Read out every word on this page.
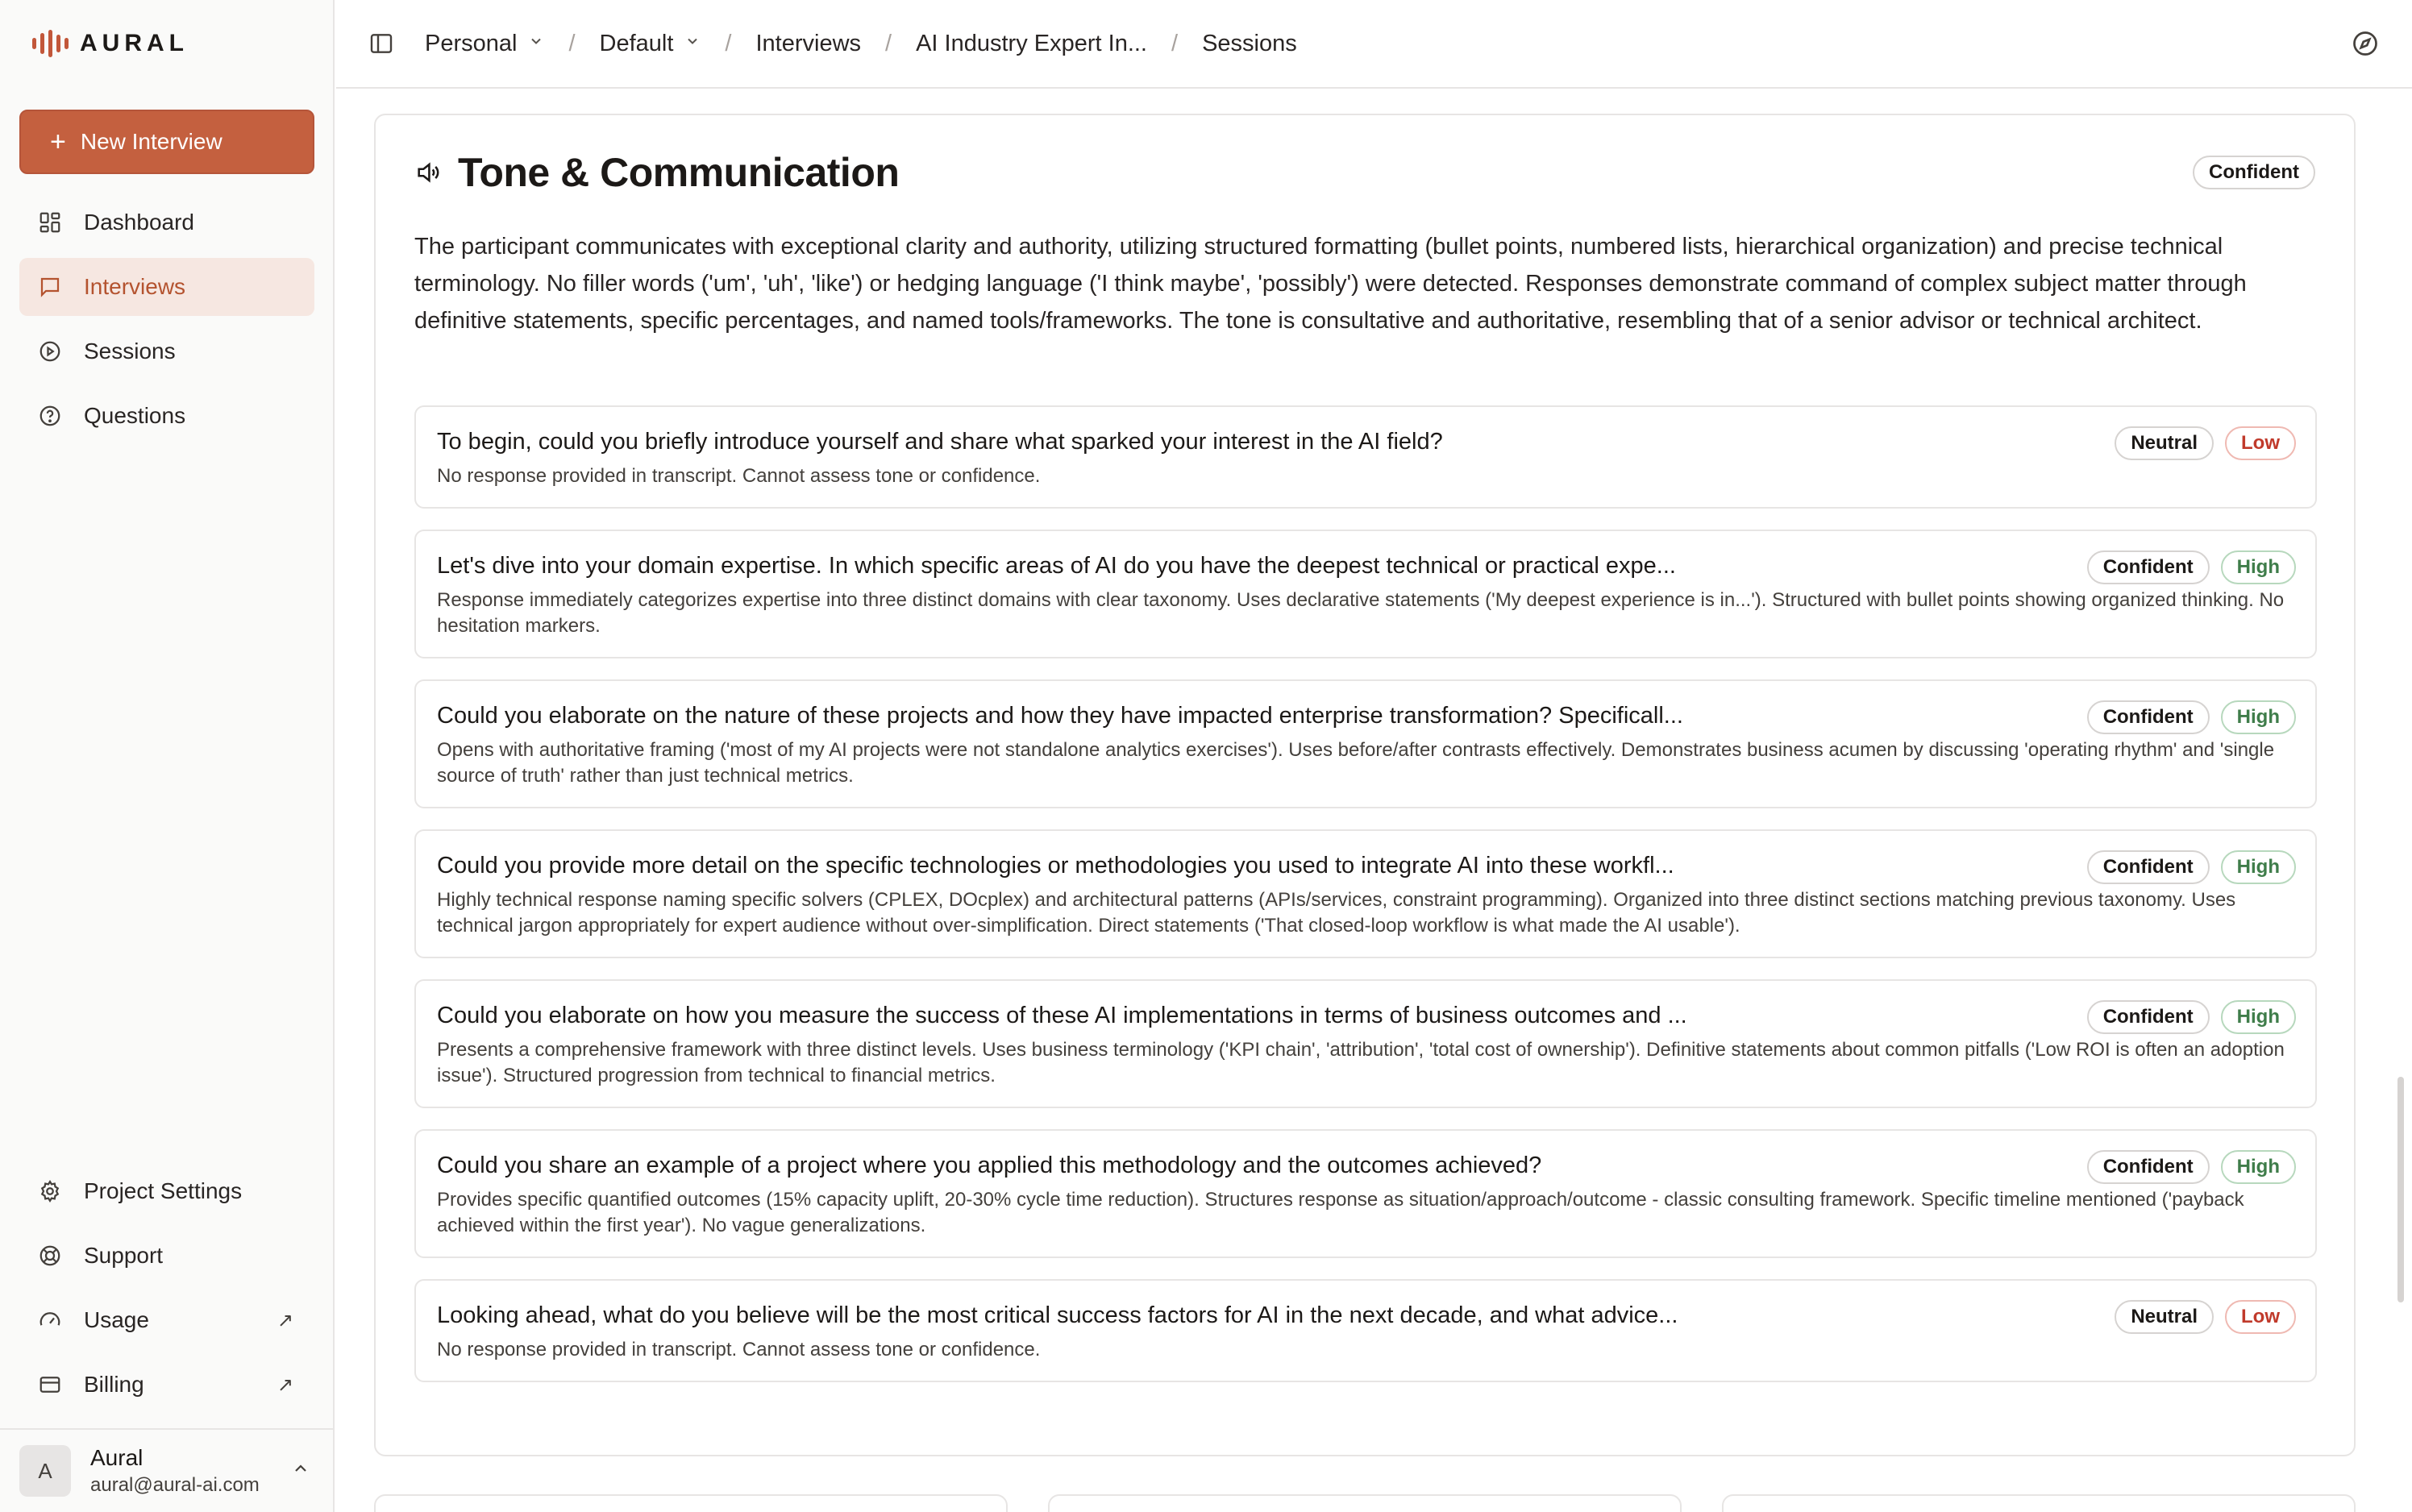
AURAL
+ New Interview
Dashboard
Interviews
Sessions
Questions
Project Settings
Support
Usage	↗
Billing	↗
A
Aural
aural@aural-ai.com
Personal / Default / Interviews / AI Industry Expert In... / Sessions
Tone & Communication	Confident

The participant communicates with exceptional clarity and authority, utilizing structured formatting (bullet points, numbered lists, hierarchical organization) and precise technical terminology. No filler words ('um', 'uh', 'like') or hedging language ('I think maybe', 'possibly') were detected. Responses demonstrate command of complex subject matter through definitive statements, specific percentages, and named tools/frameworks. The tone is consultative and authoritative, resembling that of a senior advisor or technical architect.

To begin, could you briefly introduce yourself and share what sparked your interest in the AI field?
No response provided in transcript. Cannot assess tone or confidence.
Neutral	Low
Let's dive into your domain expertise. In which specific areas of AI do you have the deepest technical or practical expe...
Response immediately categorizes expertise into three distinct domains with clear taxonomy. Uses declarative statements ('My deepest experience is in...'). Structured with bullet points showing organized thinking. No hesitation markers.
Confident	High
Could you elaborate on the nature of these projects and how they have impacted enterprise transformation? Specificall...
Opens with authoritative framing ('most of my AI projects were not standalone analytics exercises'). Uses before/after contrasts effectively. Demonstrates business acumen by discussing 'operating rhythm' and 'single source of truth' rather than just technical metrics.
Confident	High
Could you provide more detail on the specific technologies or methodologies you used to integrate AI into these workfl...
Highly technical response naming specific solvers (CPLEX, DOcplex) and architectural patterns (APIs/services, constraint programming). Organized into three distinct sections matching previous taxonomy. Uses technical jargon appropriately for expert audience without over-simplification. Direct statements ('That closed-loop workflow is what made the AI usable').
Confident	High
Could you elaborate on how you measure the success of these AI implementations in terms of business outcomes and ...
Presents a comprehensive framework with three distinct levels. Uses business terminology ('KPI chain', 'attribution', 'total cost of ownership'). Definitive statements about common pitfalls ('Low ROI is often an adoption issue'). Structured progression from technical to financial metrics.
Confident	High
Could you share an example of a project where you applied this methodology and the outcomes achieved?
Provides specific quantified outcomes (15% capacity uplift, 20-30% cycle time reduction). Structures response as situation/approach/outcome - classic consulting framework. Specific timeline mentioned ('payback achieved within the first year'). No vague generalizations.
Confident	High
Looking ahead, what do you believe will be the most critical success factors for AI in the next decade, and what advice...
No response provided in transcript. Cannot assess tone or confidence.
Neutral	Low
